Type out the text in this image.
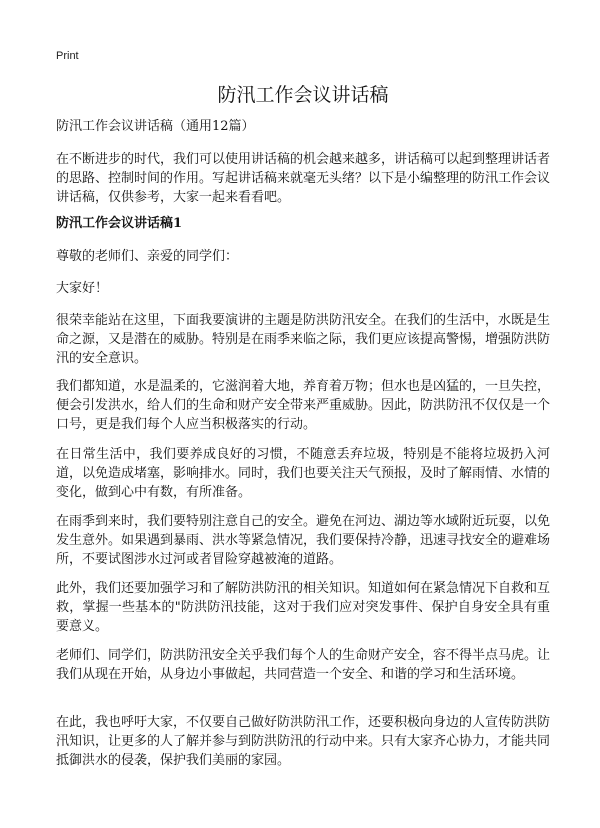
Print
防汛工作会议讲话稿

防汛工作会议讲话稿（通用12篇）

在不断进步的时代，我们可以使用讲话稿的机会越来越多，讲话稿可以起到整理讲话者的思路、控制时间的作用。写起讲话稿来就毫无头绪？以下是小编整理的防汛工作会议讲话稿，仅供参考，大家一起来看看吧。

防汛工作会议讲话稿1

尊敬的老师们、亲爱的同学们：

大家好！

很荣幸能站在这里，下面我要演讲的主题是防洪防汛安全。在我们的生活中，水既是生命之源，又是潜在的威胁。特别是在雨季来临之际，我们更应该提高警惕，增强防洪防汛的安全意识。

我们都知道，水是温柔的，它滋润着大地，养育着万物；但水也是凶猛的，一旦失控，便会引发洪水，给人们的生命和财产安全带来严重威胁。因此，防洪防汛不仅仅是一个口号，更是我们每个人应当积极落实的行动。

在日常生活中，我们要养成良好的习惯，不随意丢弃垃圾，特别是不能将垃圾扔入河道，以免造成堵塞，影响排水。同时，我们也要关注天气预报，及时了解雨情、水情的变化，做到心中有数，有所准备。

在雨季到来时，我们要特别注意自己的安全。避免在河边、湖边等水域附近玩耍，以免发生意外。如果遇到暴雨、洪水等紧急情况，我们要保持冷静，迅速寻找安全的避难场所，不要试图涉水过河或者冒险穿越被淹的道路。

此外，我们还要加强学习和了解防洪防汛的相关知识。知道如何在紧急情况下自救和互救，掌握一些基本的"防洪防汛技能，这对于我们应对突发事件、保护自身安全具有重要意义。

老师们、同学们，防洪防汛安全关乎我们每个人的生命财产安全，容不得半点马虎。让我们从现在开始，从身边小事做起，共同营造一个安全、和谐的学习和生活环境。

在此，我也呼吁大家，不仅要自己做好防洪防汛工作，还要积极向身边的人宣传防洪防汛知识，让更多的人了解并参与到防洪防汛的行动中来。只有大家齐心协力，才能共同抵御洪水的侵袭，保护我们美丽的家园。
